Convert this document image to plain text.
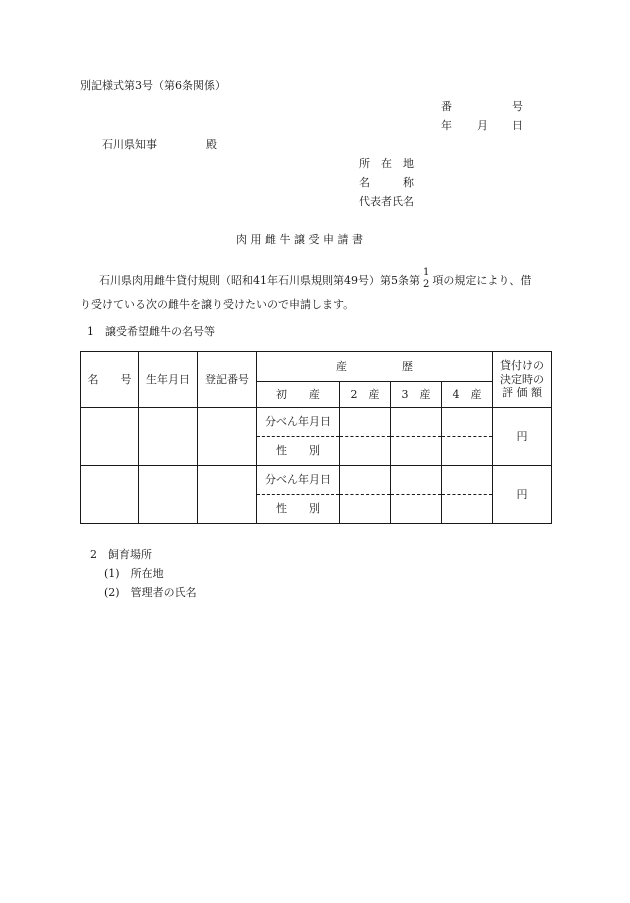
別記様式第3号（第6条関係）
番	号
年 月 日
石川県知事	殿
所　在　地
名　　　称
代表者氏名
肉 用 雌 牛 譲 受 申 請 書
石川県肉用雌牛貸付規則（昭和41年石川県規則第49号）第5条第
1
2 項の規定により、借
り受けている次の雌牛を譲り受けたいので申請します。
1　譲受希望雌牛の名号等
名　　号	生年月日	登記番号	産　　　　　歴				貸付けの
決定時の
評 価 額

			初　　産	2　産	3　産	4　産	
			分べん年月日				円
			性　　別				
			分べん年月日				円
			性　　別				
2　飼育場所
(1)　所在地
(2)　管理者の氏名
